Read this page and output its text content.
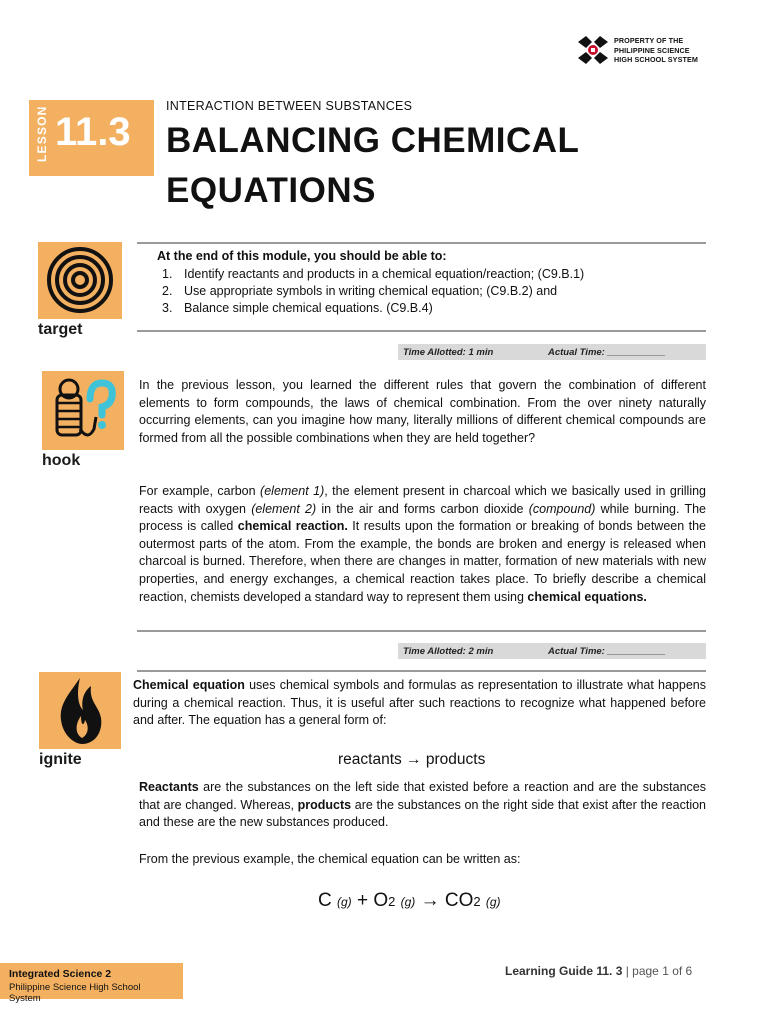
PROPERTY OF THE
PHILIPPINE SCIENCE
HIGH SCHOOL SYSTEM
LESSON 11.3
INTERACTION BETWEEN SUBSTANCES
BALANCING CHEMICAL
EQUATIONS
target
At the end of this module, you should be able to:
1. Identify reactants and products in a chemical equation/reaction; (C9.B.1)
2. Use appropriate symbols in writing chemical equation; (C9.B.2) and
3. Balance simple chemical equations. (C9.B.4)
Time Allotted: 1 min	Actual Time: ___________
hook
In the previous lesson, you learned the different rules that govern the combination of different elements to form compounds, the laws of chemical combination. From the over ninety naturally occurring elements, can you imagine how many, literally millions of different chemical compounds are formed from all the possible combinations when they are held together?
For example, carbon (element 1), the element present in charcoal which we basically used in grilling reacts with oxygen (element 2) in the air and forms carbon dioxide (compound) while burning. The process is called chemical reaction. It results upon the formation or breaking of bonds between the outermost parts of the atom. From the example, the bonds are broken and energy is released when charcoal is burned. Therefore, when there are changes in matter, formation of new materials with new properties, and energy exchanges, a chemical reaction takes place. To briefly describe a chemical reaction, chemists developed a standard way to represent them using chemical equations.
Time Allotted: 2 min	Actual Time: ___________
ignite
Chemical equation uses chemical symbols and formulas as representation to illustrate what happens during a chemical reaction. Thus, it is useful after such reactions to recognize what happened before and after. The equation has a general form of:
reactants → products
Reactants are the substances on the left side that existed before a reaction and are the substances that are changed. Whereas, products are the substances on the right side that exist after the reaction and these are the new substances produced.
From the previous example, the chemical equation can be written as:
C (g) + O2 (g) → CO2 (g)
Integrated Science 2
Philippine Science High School System
Learning Guide 11. 3 | page 1 of 6
